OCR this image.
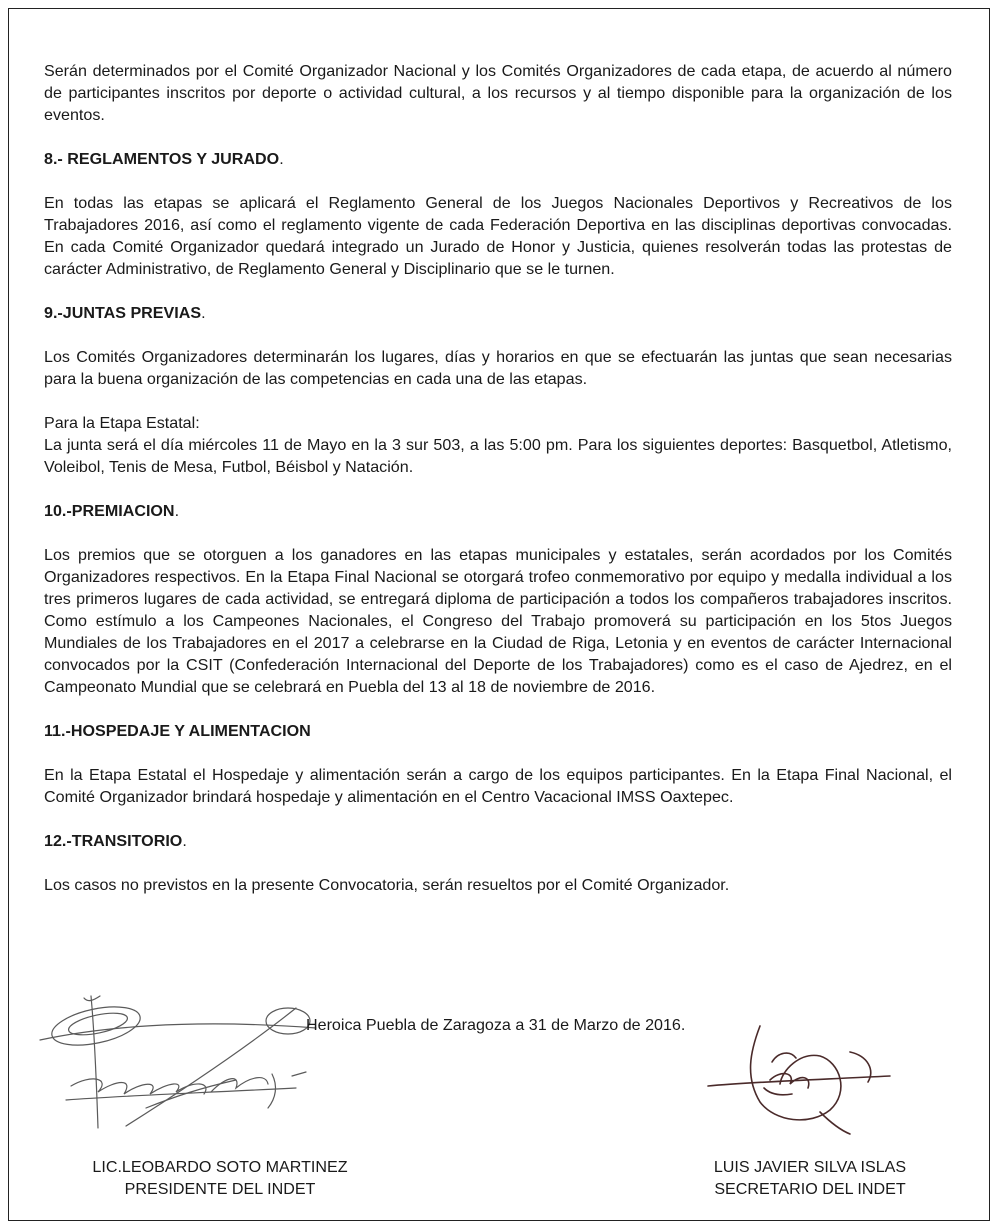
Serán determinados por el Comité Organizador Nacional y los Comités Organizadores de cada etapa, de acuerdo al número de participantes inscritos por deporte o actividad cultural, a los recursos y al tiempo disponible para la organización de los eventos.

8.- REGLAMENTOS Y JURADO.

En todas las etapas se aplicará el Reglamento General de los Juegos Nacionales Deportivos y Recreativos de los Trabajadores 2016, así como el reglamento vigente de cada Federación Deportiva en las disciplinas deportivas convocadas. En cada Comité Organizador quedará integrado un Jurado de Honor y Justicia, quienes resolverán todas las protestas de carácter Administrativo, de Reglamento General y Disciplinario que se le turnen.

9.-JUNTAS PREVIAS.

Los Comités Organizadores determinarán los lugares, días y horarios en que se efectuarán las juntas que sean necesarias para la buena organización de las competencias en cada una de las etapas.

Para la Etapa Estatal:

La junta será el día miércoles 11 de Mayo en la 3 sur 503, a las 5:00 pm. Para los siguientes deportes: Basquetbol, Atletismo, Voleibol, Tenis de Mesa, Futbol, Béisbol y Natación.

10.-PREMIACION.

Los premios que se otorguen a los ganadores en las etapas municipales y estatales, serán acordados por los Comités Organizadores respectivos. En la Etapa Final Nacional se otorgará trofeo conmemorativo por equipo y medalla individual a los tres primeros lugares de cada actividad, se entregará diploma de participación a todos los compañeros trabajadores inscritos. Como estímulo a los Campeones Nacionales, el Congreso del Trabajo promoverá su participación en los 5tos Juegos Mundiales de los Trabajadores en el 2017 a celebrarse en la Ciudad de Riga, Letonia y en eventos de carácter Internacional convocados por la CSIT (Confederación Internacional del Deporte de los Trabajadores) como es el caso de Ajedrez, en el Campeonato Mundial que se celebrará en Puebla del 13 al 18 de noviembre de 2016.

11.-HOSPEDAJE Y ALIMENTACION

En la Etapa Estatal el Hospedaje y alimentación serán a cargo de los equipos participantes. En la Etapa Final Nacional, el Comité Organizador brindará hospedaje y alimentación en el Centro Vacacional IMSS Oaxtepec.

12.-TRANSITORIO.

Los casos no previstos en la presente Convocatoria, serán resueltos por el Comité Organizador.

Heroica Puebla de Zaragoza a 31 de Marzo de 2016.
LIC.LEOBARDO SOTO MARTINEZ
PRESIDENTE DEL INDET
LUIS JAVIER SILVA ISLAS
SECRETARIO DEL INDET
